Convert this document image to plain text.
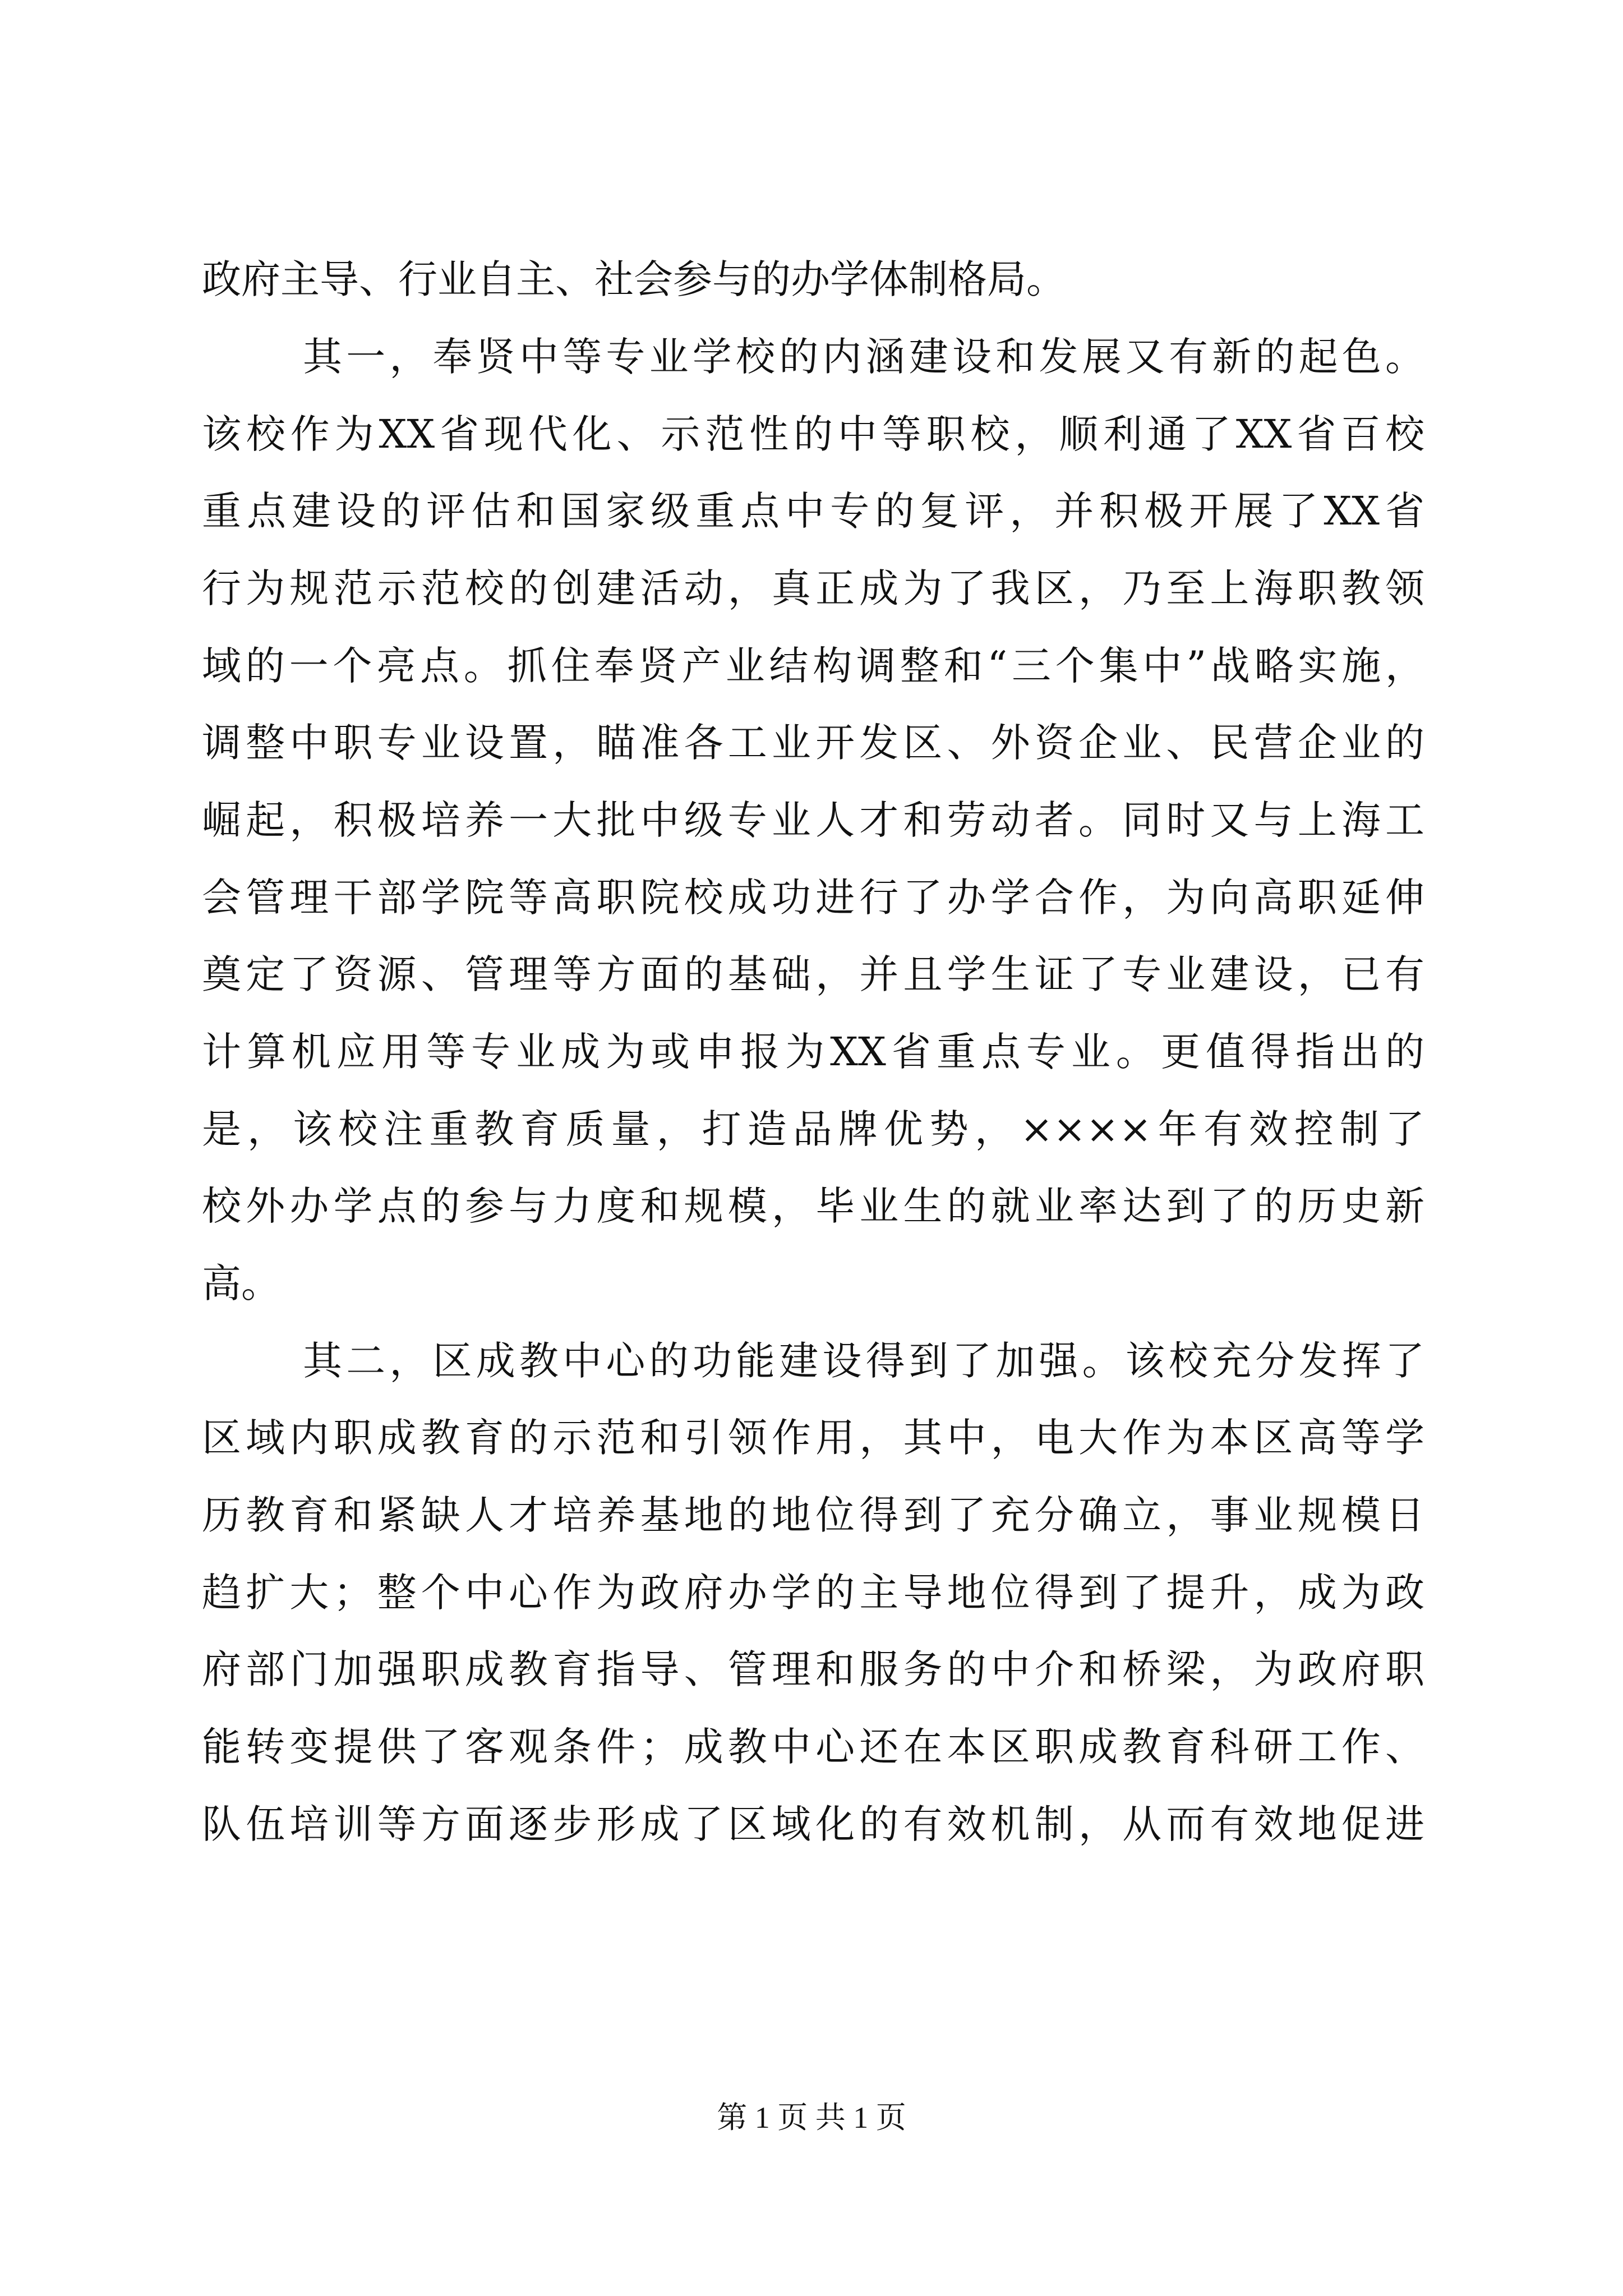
政府主导、行业自主、社会参与的办学体制格局。
其一，奉贤中等专业学校的内涵建设和发展又有新的起色。
该校作为XX省现代化、示范性的中等职校，顺利通了XX省百校
重点建设的评估和国家级重点中专的复评，并积极开展了XX省
行为规范示范校的创建活动，真正成为了我区，乃至上海职教领
域的一个亮点。抓住奉贤产业结构调整和“三个集中”战略实施，
调整中职专业设置，瞄准各工业开发区、外资企业、民营企业的
崛起，积极培养一大批中级专业人才和劳动者。同时又与上海工
会管理干部学院等高职院校成功进行了办学合作，为向高职延伸
奠定了资源、管理等方面的基础，并且学生证了专业建设，已有
计算机应用等专业成为或申报为XX省重点专业。更值得指出的
是，该校注重教育质量，打造品牌优势，××××年有效控制了
校外办学点的参与力度和规模，毕业生的就业率达到了的历史新
高。
其二，区成教中心的功能建设得到了加强。该校充分发挥了
区域内职成教育的示范和引领作用，其中，电大作为本区高等学
历教育和紧缺人才培养基地的地位得到了充分确立，事业规模日
趋扩大；整个中心作为政府办学的主导地位得到了提升，成为政
府部门加强职成教育指导、管理和服务的中介和桥梁，为政府职
能转变提供了客观条件；成教中心还在本区职成教育科研工作、
队伍培训等方面逐步形成了区域化的有效机制，从而有效地促进
第 1 页 共 1 页
